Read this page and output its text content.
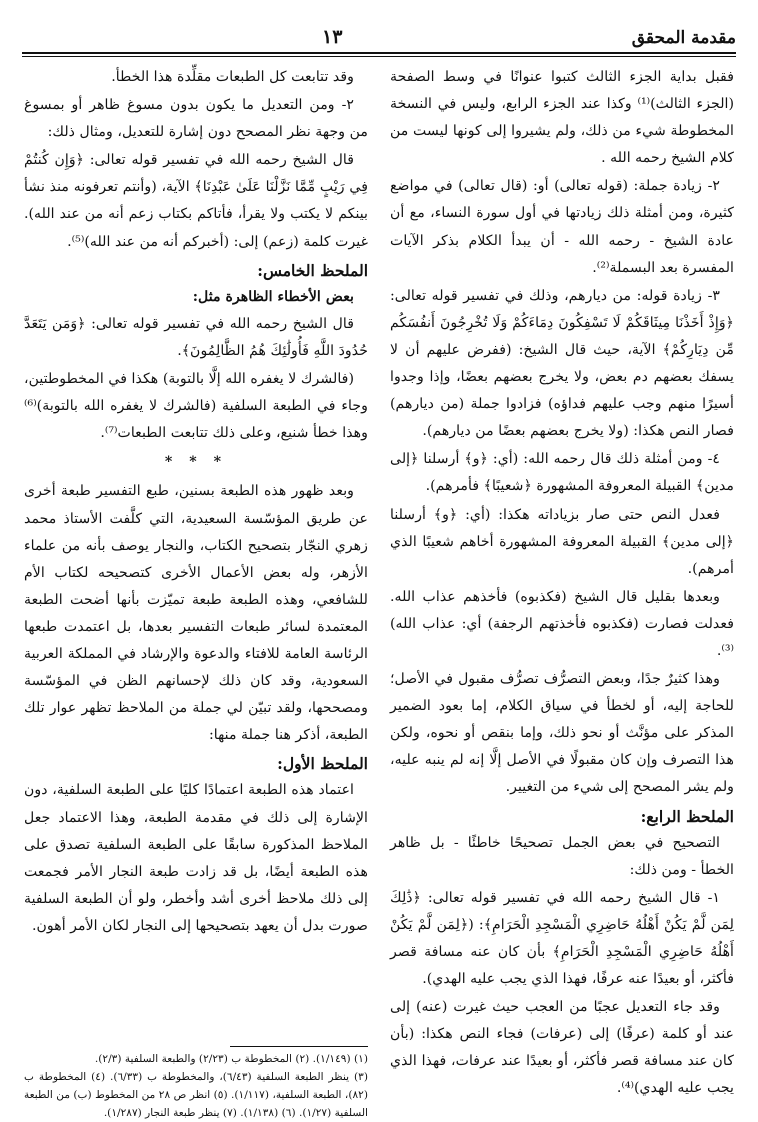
مقدمة المحقق
١٣

فقبل بداية الجزء الثالث كتبوا عنوانًا في وسط الصفحة (الجزء الثالث)⁽¹⁾ وكذا عند الجزء الرابع، وليس في النسخة المخطوطة شيء من ذلك، ولم يشيروا إلى كونها ليست من كلام الشيخ رحمه الله .

٢- زيادة جملة: (قوله تعالى) أو: (قال تعالى) في مواضع كثيرة، ومن أمثلة ذلك زيادتها في أول سورة النساء، مع أن عادة الشيخ - رحمه الله - أن يبدأ الكلام بذكر الآيات المفسرة بعد البسملة⁽²⁾.

٣- زيادة قوله: من ديارهم، وذلك في تفسير قوله تعالى: ﴿وَإِذْ أَخَذْنَا مِيثَاقَكُمْ لَا تَسْفِكُونَ دِمَاءَكُمْ وَلَا تُخْرِجُونَ أَنفُسَكُم مِّن دِيَارِكُمْ﴾ الآية، حيث قال الشيخ: (ففرض عليهم أن لا يسفك بعضهم دم بعض، ولا يخرج بعضهم بعضًا، وإذا وجدوا أسيرًا منهم وجب عليهم فداؤه) فزادوا جملة (من ديارهم) فصار النص هكذا: (ولا يخرج بعضهم بعضًا من ديارهم).

٤- ومن أمثلة ذلك قال رحمه الله: (أي: ﴿و﴾ أرسلنا ﴿إلى مدين﴾ القبيلة المعروفة المشهورة ﴿شعيبًا﴾ فأمرهم).

فعدل النص حتى صار بزياداته هكذا: (أي: ﴿و﴾ أرسلنا ﴿إلى مدين﴾ القبيلة المعروفة المشهورة أخاهم شعيبًا الذي أمرهم).

وبعدها بقليل قال الشيخ (فكذبوه) فأخذهم عذاب الله. فعدلت فصارت (فكذبوه فأخذتهم الرجفة) أي: عذاب الله)⁽³⁾.

وهذا كثيرٌ جدًا، وبعض التصرُّف تصرُّف مقبول في الأصل؛ للحاجة إليه، أو لخطأ في سياق الكلام، إما بعود الضمير المذكر على مؤنَّث أو نحو ذلك، وإما بنقص أو نحوه، ولكن هذا التصرف وإن كان مقبولًا في الأصل إلَّا إنه لم ينبه عليه، ولم يشر المصحح إلى شيء من التغيير.

الملحظ الرابع:

التصحيح في بعض الجمل تصحيحًا خاطئًا - بل ظاهر الخطأ - ومن ذلك:

١- قال الشيخ رحمه الله في تفسير قوله تعالى: ﴿ذَٰلِكَ لِمَن لَّمْ يَكُنْ أَهْلُهُ حَاضِرِي الْمَسْجِدِ الْحَرَامِ﴾: (﴿لِمَن لَّمْ يَكُنْ أَهْلُهُ حَاضِرِي الْمَسْجِدِ الْحَرَامِ﴾ بأن كان عنه مسافة قصر فأكثر، أو بعيدًا عنه عرفًا، فهذا الذي يجب عليه الهدي).

وقد جاء التعديل عجبًا من العجب حيث غيرت (عنه) إلى عند أو كلمة (عرفًا) إلى (عرفات) فجاء النص هكذا: (بأن كان عند مسافة قصر فأكثر، أو بعيدًا عند عرفات، فهذا الذي يجب عليه الهدي)⁽⁴⁾.

وقد تتابعت كل الطبعات مقلِّدة هذا الخطأ.

٢- ومن التعديل ما يكون بدون مسوغ ظاهر أو بمسوغ من وجهة نظر المصحح دون إشارة للتعديل، ومثال ذلك:

قال الشيخ رحمه الله في تفسير قوله تعالى: ﴿وَإِن كُنتُمْ فِي رَيْبٍ مِّمَّا نَزَّلْنَا عَلَىٰ عَبْدِنَا﴾ الآية، (وأنتم تعرفونه منذ نشأ بينكم لا يكتب ولا يقرأ، فأتاكم بكتاب زعم أنه من عند الله). غيرت كلمة (زعم) إلى: (أخبركم أنه من عند الله)⁽⁵⁾.

الملحظ الخامس:
بعض الأخطاء الظاهرة مثل:

قال الشيخ رحمه الله في تفسير قوله تعالى: ﴿وَمَن يَتَعَدَّ حُدُودَ اللَّهِ فَأُولَٰئِكَ هُمُ الظَّالِمُونَ﴾.

(فالشرك لا يغفره الله إلَّا بالتوبة) هكذا في المخطوطتين، وجاء في الطبعة السلفية (فالشرك لا يغفره الله بالتوبة)⁽⁶⁾ وهذا خطأ شنيع، وعلى ذلك تتابعت الطبعات⁽⁷⁾.

* * *

وبعد ظهور هذه الطبعة بسنين، طبع التفسير طبعة أخرى عن طريق المؤسّسة السعيدية، التي كلَّفت الأستاذ محمد زهري النجّار بتصحيح الكتاب، والنجار يوصف بأنه من علماء الأزهر، وله بعض الأعمال الأخرى كتصحيحه لكتاب الأم للشافعي، وهذه الطبعة طبعة تميّزت بأنها أضحت الطبعة المعتمدة لسائر طبعات التفسير بعدها، بل اعتمدت طبعها الرئاسة العامة للافتاء والدعوة والإرشاد في المملكة العربية السعودية، وقد كان ذلك لإحسانهم الظن في المؤسّسة ومصححها، ولقد تبيّن لي جملة من الملاحظ تظهر عوار تلك الطبعة، أذكر هنا جملة منها:

الملحظ الأول:

اعتماد هذه الطبعة اعتمادًا كليًا على الطبعة السلفية، دون الإشارة إلى ذلك في مقدمة الطبعة، وهذا الاعتماد جعل الملاحظ المذكورة سابقًا على الطبعة السلفية تصدق على هذه الطبعة أيضًا، بل قد زادت طبعة النجار الأمر فجمعت إلى ذلك ملاحظ أخرى أشد وأخطر، ولو أن الطبعة السلفية صورت بدل أن يعهد بتصحيحها إلى النجار لكان الأمر أهون.

(١) (١/١٤٩). (٢) المخطوطة ب (٢/٢٣) والطبعة السلفية (٢/٣).
(٣) ينظر الطبعة السلفية (٦/٤٣)، والمخطوطة ب (٦/٣٣). (٤) المخطوطة ب (٨٢)، الطبعة السلفية، (١/١١٧). (٥) انظر ص ٢٨ من المخطوط (ب) من الطبعة السلفية (١/٢٧). (٦) (١/١٣٨). (٧) ينظر طبعة النجار (١/٢٨٧).
